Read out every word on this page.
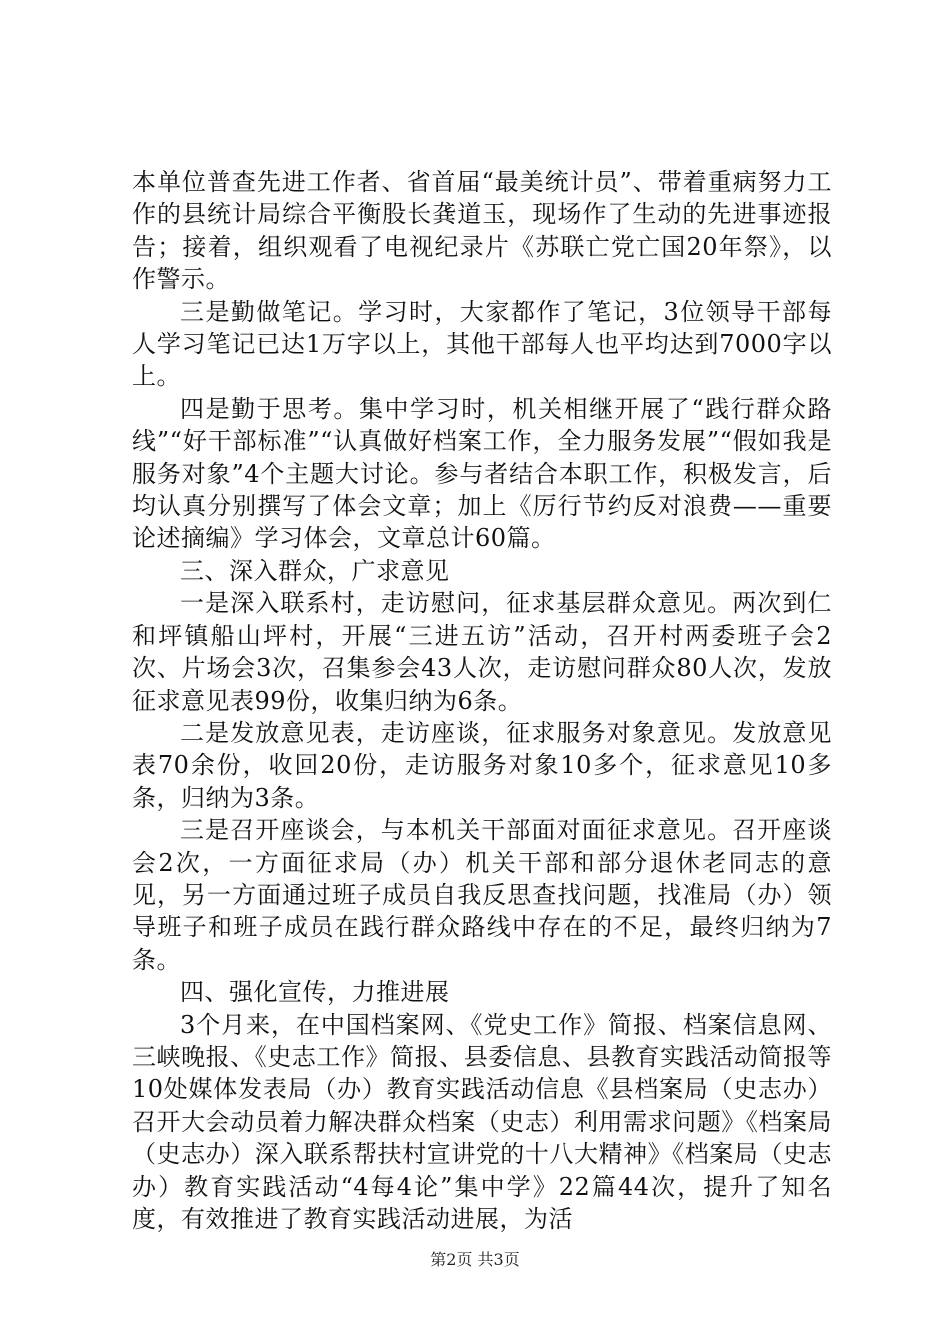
本单位普查先进工作者、省首届“最美统计员”、带着重病努力工作的县统计局综合平衡股长龚道玉，现场作了生动的先进事迹报告；接着，组织观看了电视纪录片《苏联亡党亡国20年祭》，以作警示。

三是勤做笔记。学习时，大家都作了笔记，3位领导干部每人学习笔记已达1万字以上，其他干部每人也平均达到7000字以上。

四是勤于思考。集中学习时，机关相继开展了“践行群众路线”“好干部标准”“认真做好档案工作，全力服务发展”“假如我是服务对象”4个主题大讨论。参与者结合本职工作，积极发言，后均认真分别撰写了体会文章；加上《厉行节约反对浪费——重要论述摘编》学习体会，文章总计60篇。

三、深入群众，广求意见

一是深入联系村，走访慰问，征求基层群众意见。两次到仁和坪镇船山坪村，开展“三进五访”活动，召开村两委班子会2次、片场会3次，召集参会43人次，走访慰问群众80人次，发放征求意见表99份，收集归纳为6条。

二是发放意见表，走访座谈，征求服务对象意见。发放意见表70余份，收回20份，走访服务对象10多个，征求意见10多条，归纳为3条。

三是召开座谈会，与本机关干部面对面征求意见。召开座谈会2次，一方面征求局（办）机关干部和部分退休老同志的意见，另一方面通过班子成员自我反思查找问题，找准局（办）领导班子和班子成员在践行群众路线中存在的不足，最终归纳为7条。

四、强化宣传，力推进展

3个月来，在中国档案网、《党史工作》简报、档案信息网、三峡晚报、《史志工作》简报、县委信息、县教育实践活动简报等10处媒体发表局（办）教育实践活动信息《县档案局（史志办）召开大会动员着力解决群众档案（史志）利用需求问题》《档案局（史志办）深入联系帮扶村宣讲党的十八大精神》《档案局（史志办）教育实践活动“4每4论”集中学》22篇44次，提升了知名度，有效推进了教育实践活动进展，为活

第2页 共3页
